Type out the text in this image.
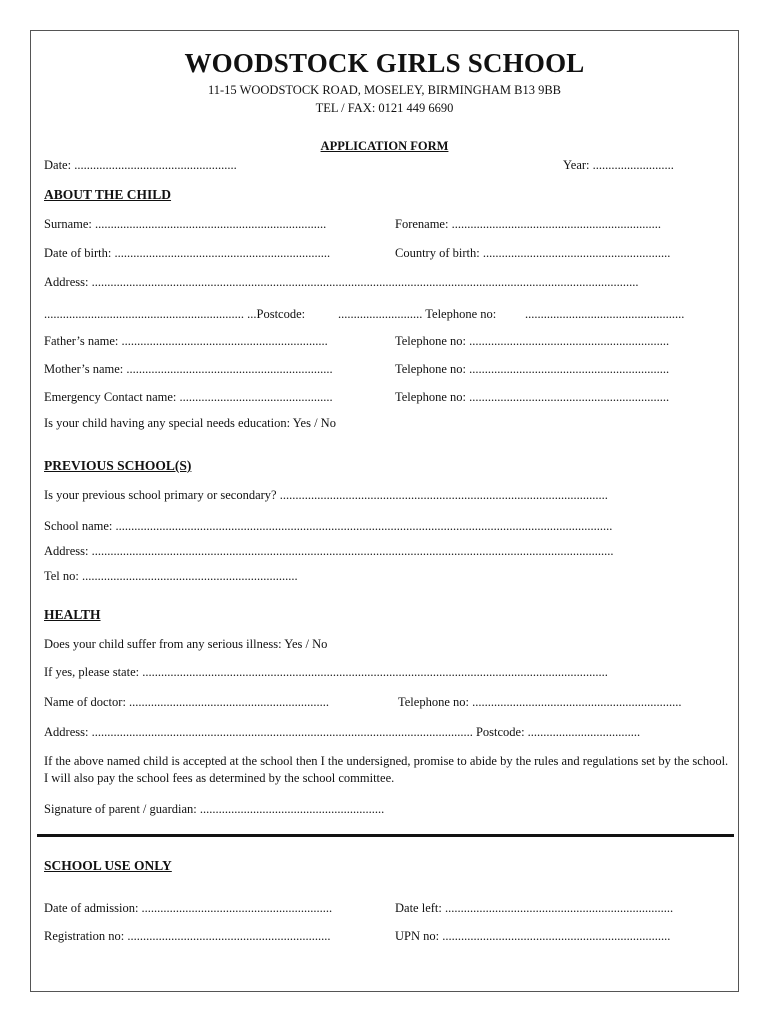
WOODSTOCK GIRLS SCHOOL
11-15 WOODSTOCK ROAD, MOSELEY, BIRMINGHAM B13 9BB
TEL / FAX: 0121 449 6690
APPLICATION FORM
Date: ....................................................	Year: ..........................
ABOUT THE CHILD
Surname: ..........................................................................	Forename: ...................................................................
Date of birth: .....................................................................	Country of birth: ............................................................
Address: ...............................................................................................................................................................................
................................................................ ...Postcode:	........................... Telephone no: ...................................................
Father’s name: ..................................................................	Telephone no: ................................................................
Mother’s name: ..................................................................	Telephone no: ................................................................
Emergency Contact name: .................................................	Telephone no: ................................................................
Is your child having any special needs education: Yes / No
PREVIOUS SCHOOL(S)
Is your previous school primary or secondary? .........................................................................................................
School name: ...............................................................................................................................................................
Address: .......................................................................................................................................................................
Tel no: .....................................................................
HEALTH
Does your child suffer from any serious illness: Yes / No
If yes, please state: .....................................................................................................................................................
Name of doctor: ................................................................	Telephone no: ...................................................................
Address: .......................................................................................................................... Postcode: ....................................
If the above named child is accepted at the school then I the undersigned, promise to abide by the rules and regulations set by the school. I will also pay the school fees as determined by the school committee.
Signature of parent / guardian: ...........................................................
SCHOOL USE ONLY
Date of admission: .............................................................	Date left: .........................................................................
Registration no: .................................................................	UPN no: .........................................................................
